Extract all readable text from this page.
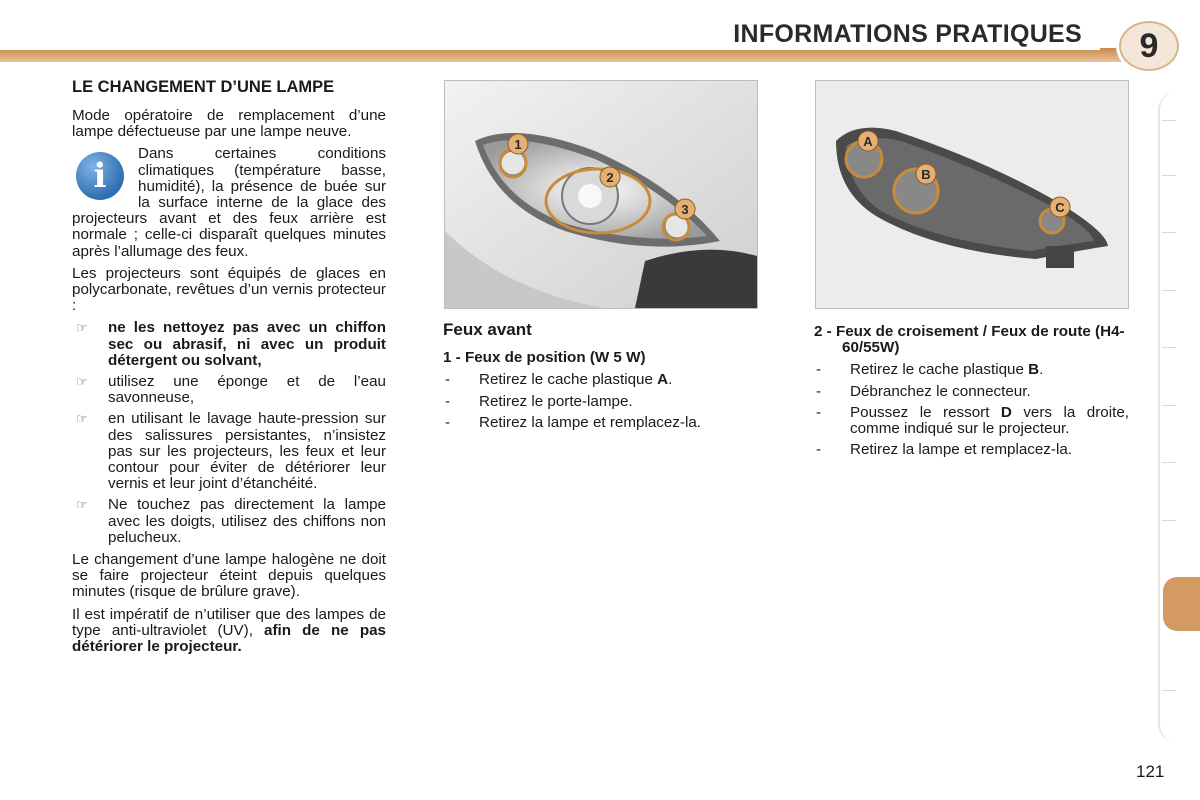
INFORMATIONS PRATIQUES	9
LE CHANGEMENT D’UNE LAMPE

Mode opératoire de remplacement d’une lampe défectueuse par une lampe neuve.

i

Dans certaines conditions climatiques (température basse, humidité), la présence de buée sur la surface interne de la glace des projecteurs avant et des feux arrière est normale ; celle-ci disparaît quelques minutes après l’allumage des feux.

Les projecteurs sont équipés de glaces en polycarbonate, revêtues d’un vernis protecteur :

☞ ne les nettoyez pas avec un chiffon sec ou abrasif, ni avec un produit détergent ou solvant,
☞ utilisez une éponge et de l’eau savonneuse,
☞ en utilisant le lavage haute-pression sur des salissures persistantes, n’insistez pas sur les projecteurs, les feux et leur contour pour éviter de détériorer leur vernis et leur joint d’étanchéité.
☞ Ne touchez pas directement la lampe avec les doigts, utilisez des chiffons non pelucheux.

Le changement d’une lampe halogène ne doit se faire projecteur éteint depuis quelques minutes (risque de brûlure grave).

Il est impératif de n’utiliser que des lampes de type anti-ultraviolet (UV), afin de ne pas détériorer le projecteur.

1
2
3
A
B
C
Feux avant
1 - Feux de position (W 5 W)
- Retirez le cache plastique A.
- Retirez le porte-lampe.
- Retirez la lampe et remplacez-la.
2 - Feux de croisement / Feux de route (H4-60/55W)
- Retirez le cache plastique B.
- Débranchez le connecteur.
- Poussez le ressort D vers la droite, comme indiqué sur le projecteur.
- Retirez la lampe et remplacez-la.
121
